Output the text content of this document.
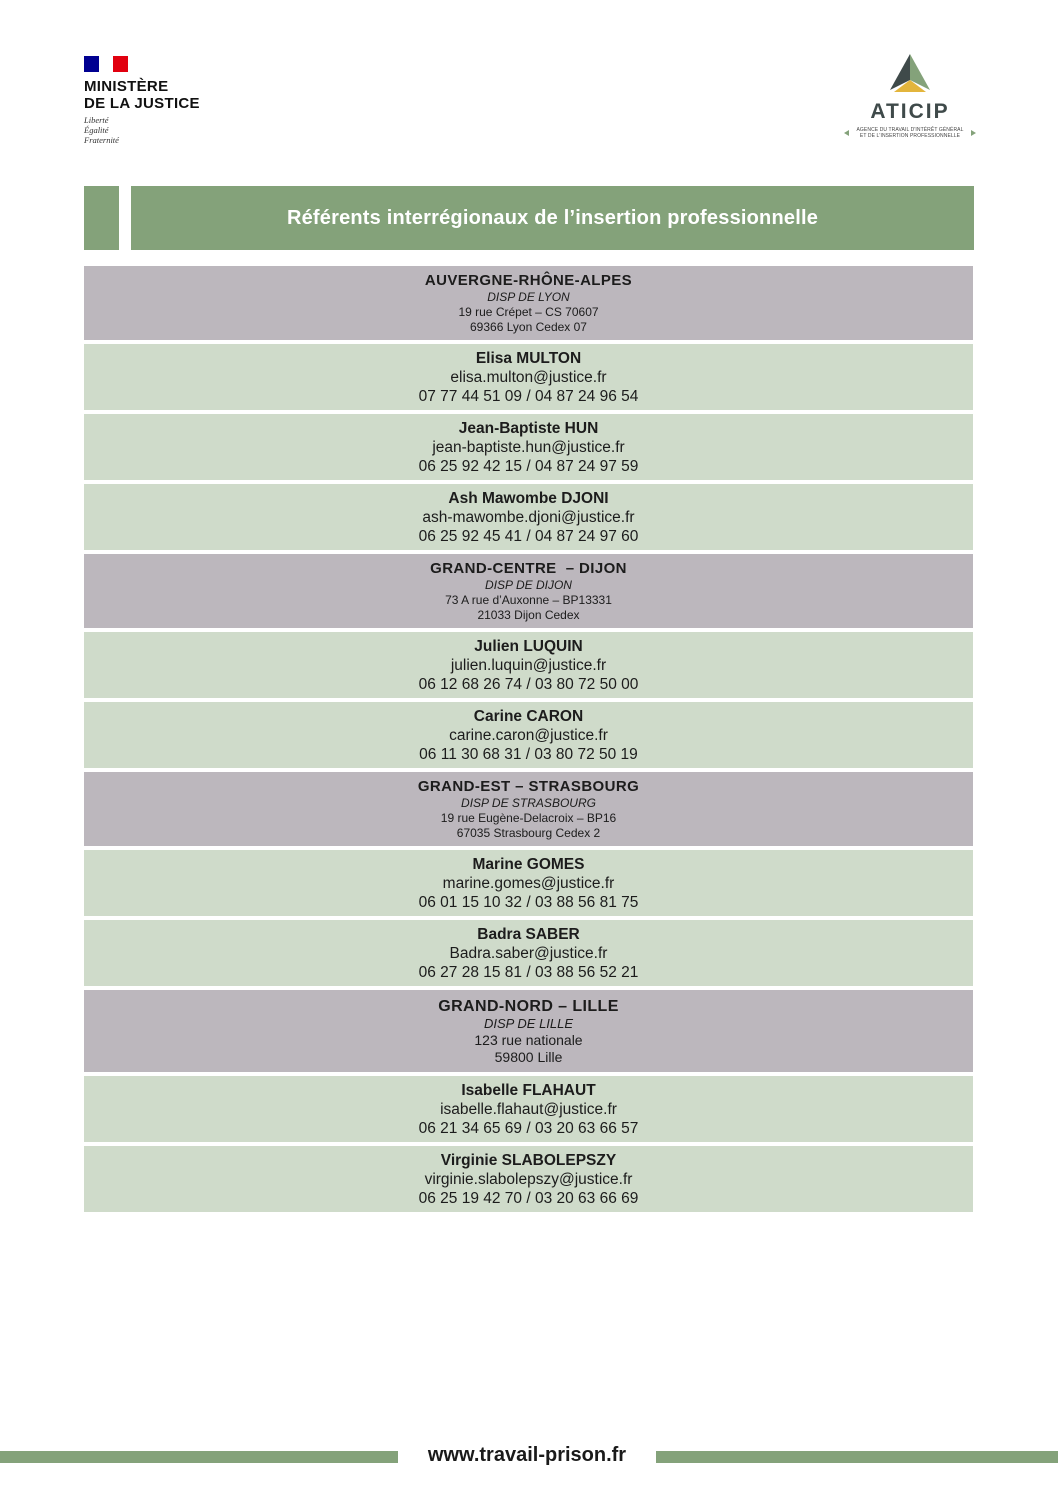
MINISTÈRE
DE LA JUSTICE
Liberté
Égalité
Fraternité
ATICIP
AGENCE DU TRAVAIL D'INTÉRÊT GÉNÉRAL
ET DE L'INSERTION PROFESSIONNELLE
Référents interrégionaux de l’insertion professionnelle
AUVERGNE-RHÔNE-ALPES
DISP DE LYON
19 rue Crépet – CS 70607
69366 Lyon Cedex 07
Elisa MULTON
elisa.multon@justice.fr
07 77 44 51 09 / 04 87 24 96 54
Jean-Baptiste HUN
jean-baptiste.hun@justice.fr
06 25 92 42 15 / 04 87 24 97 59
Ash Mawombe DJONI
ash-mawombe.djoni@justice.fr
06 25 92 45 41 / 04 87 24 97 60
GRAND-CENTRE  – DIJON
DISP DE DIJON
73 A rue d’Auxonne – BP13331
21033 Dijon Cedex
Julien LUQUIN
julien.luquin@justice.fr
06 12 68 26 74 / 03 80 72 50 00
Carine CARON
carine.caron@justice.fr
06 11 30 68 31 / 03 80 72 50 19
GRAND-EST – STRASBOURG
DISP DE STRASBOURG
19 rue Eugène-Delacroix – BP16
67035 Strasbourg Cedex 2
Marine GOMES
marine.gomes@justice.fr
06 01 15 10 32 / 03 88 56 81 75
Badra SABER
Badra.saber@justice.fr
06 27 28 15 81 / 03 88 56 52 21
GRAND-NORD – LILLE
DISP DE LILLE
123 rue nationale
59800 Lille
Isabelle FLAHAUT
isabelle.flahaut@justice.fr
06 21 34 65 69 / 03 20 63 66 57
Virginie SLABOLEPSZY
virginie.slabolepszy@justice.fr
06 25 19 42 70 / 03 20 63 66 69
www.travail-prison.fr
